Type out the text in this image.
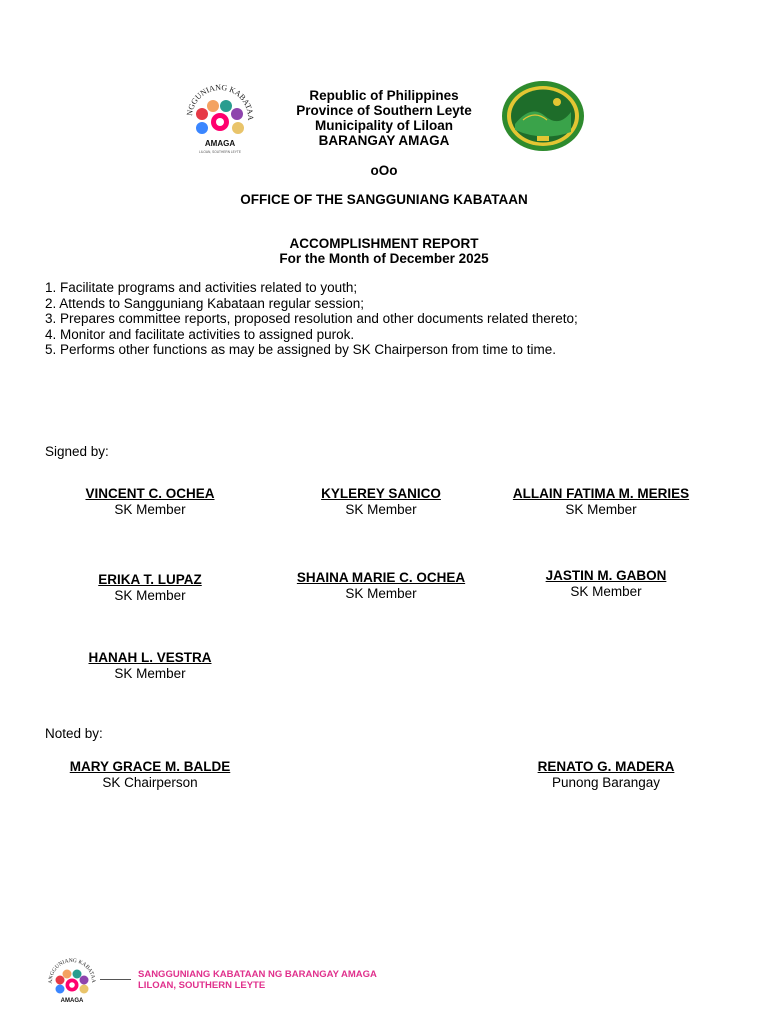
NGGUNIANG KABATAA
AMAGA
LILOAN, SOUTHERN LEYTE
Republic of Philippines
Province of Southern Leyte
Municipality of Liloan
BARANGAY AMAGA
oOo
OFFICE OF THE SANGGUNIANG KABATAAN
ACCOMPLISHMENT REPORT
For the Month of December 2025
1. Facilitate programs and activities related to youth;
2. Attends to Sangguniang Kabataan regular session;
3. Prepares committee reports, proposed resolution and other documents related thereto;
4. Monitor and facilitate activities to assigned purok.
5. Performs other functions as may be assigned by SK Chairperson from time to time.
Signed by:
VINCENT C. OCHEA
SK Member
KYLEREY SANICO
SK Member
ALLAIN FATIMA M. MERIES
SK Member
ERIKA T. LUPAZ
SK Member
SHAINA MARIE C. OCHEA
SK Member
JASTIN M. GABON
SK Member
HANAH L. VESTRA
SK Member
Noted by:
MARY GRACE M. BALDE
SK Chairperson
RENATO G. MADERA
Punong Barangay
ANGGUNIANG KABATAA
AMAGA
SANGGUNIANG KABATAAN NG BARANGAY AMAGA
LILOAN, SOUTHERN LEYTE
